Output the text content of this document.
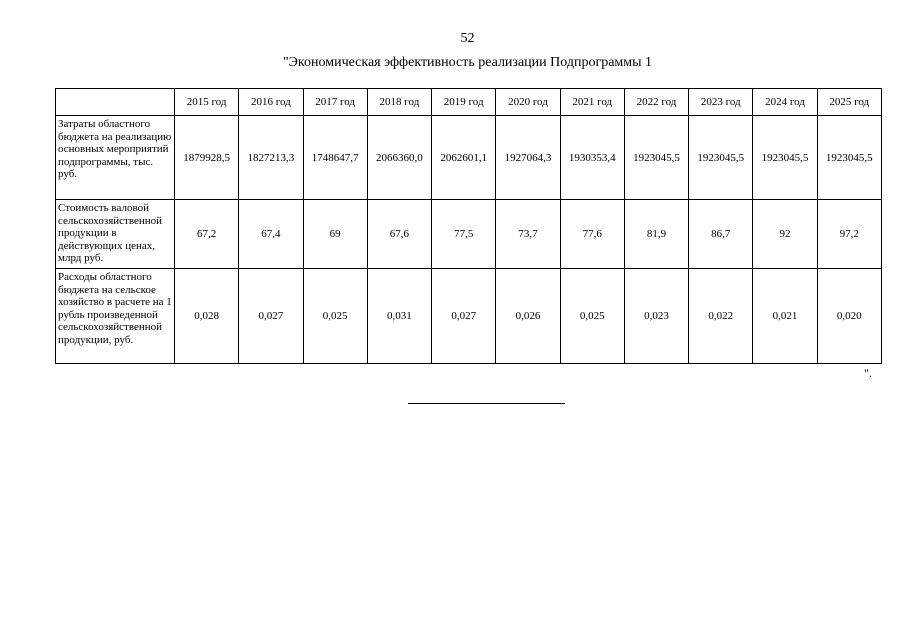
52
"Экономическая эффективность реализации Подпрограммы 1
	2015 год	2016 год	2017 год	2018 год	2019 год	2020 год	2021 год	2022 год	2023 год	2024 год	2025 год
Затраты областного бюджета на реализацию основных мероприятий подпрограммы, тыс. руб.	1879928,5	1827213,3	1748647,7	2066360,0	2062601,1	1927064,3	1930353,4	1923045,5	1923045,5	1923045,5	1923045,5
Стоимость валовой сельскохозяйственной продукции в действующих ценах, млрд руб.	67,2	67,4	69	67,6	77,5	73,7	77,6	81,9	86,7	92	97,2
Расходы областного бюджета на сельское хозяйство в расчете на 1 рубль произведенной сельскохозяйственной продукции, руб.	0,028	0,027	0,025	0,031	0,027	0,026	0,025	0,023	0,022	0,021	0,020
".
